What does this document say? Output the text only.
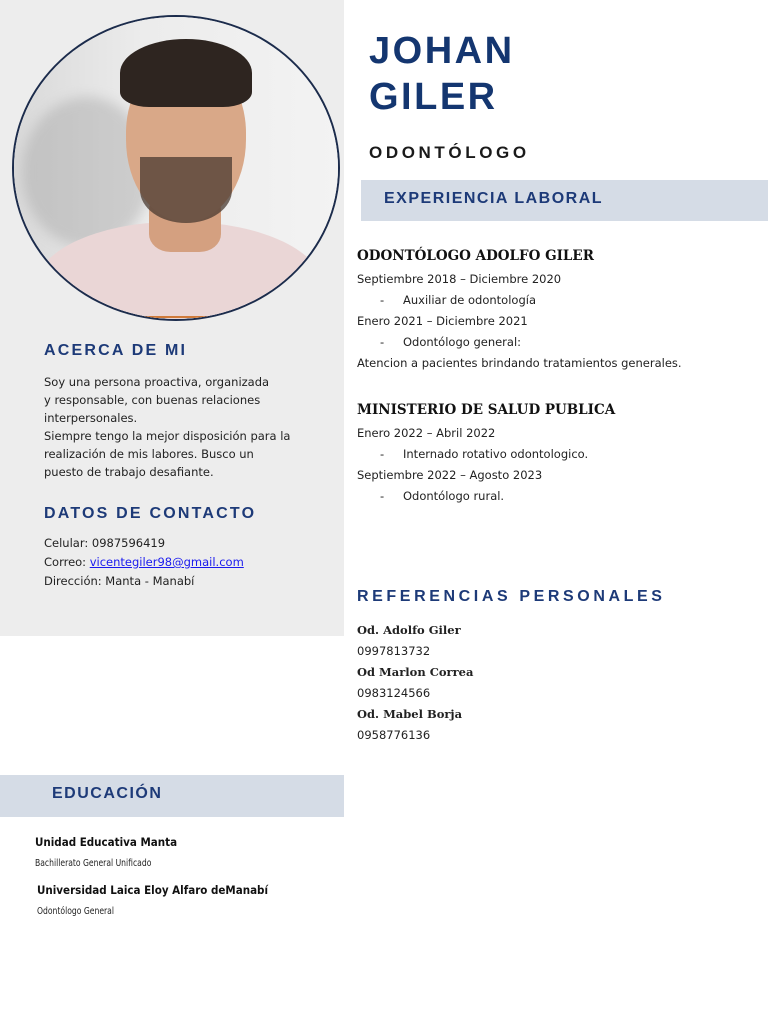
ACERCA DE MI
Soy una persona proactiva, organizada
y responsable, con buenas relaciones
interpersonales.
Siempre tengo la mejor disposición para la
realización de mis labores. Busco un
puesto de trabajo desafiante.
DATOS DE CONTACTO
Celular: 0987596419
Correo: vicentegiler98@gmail.com
Dirección: Manta - Manabí
JOHAN
GILER
ODONTÓLOGO
EXPERIENCIA LABORAL
ODONTÓLOGO ADOLFO GILER
Septiembre 2018 – Diciembre 2020
- Auxiliar de odontología
Enero 2021 – Diciembre 2021
- Odontólogo general:
Atencion a pacientes brindando tratamientos generales.
MINISTERIO DE SALUD PUBLICA
Enero 2022 – Abril 2022
- Internado rotativo odontologico.
Septiembre 2022 – Agosto 2023
- Odontólogo rural.
REFERENCIAS PERSONALES
Od. Adolfo Giler
0997813732
Od Marlon Correa
0983124566
Od. Mabel Borja
0958776136
EDUCACIÓN
Unidad Educativa Manta
Bachillerato General Unificado
Universidad Laica Eloy Alfaro deManabí
Odontólogo General
